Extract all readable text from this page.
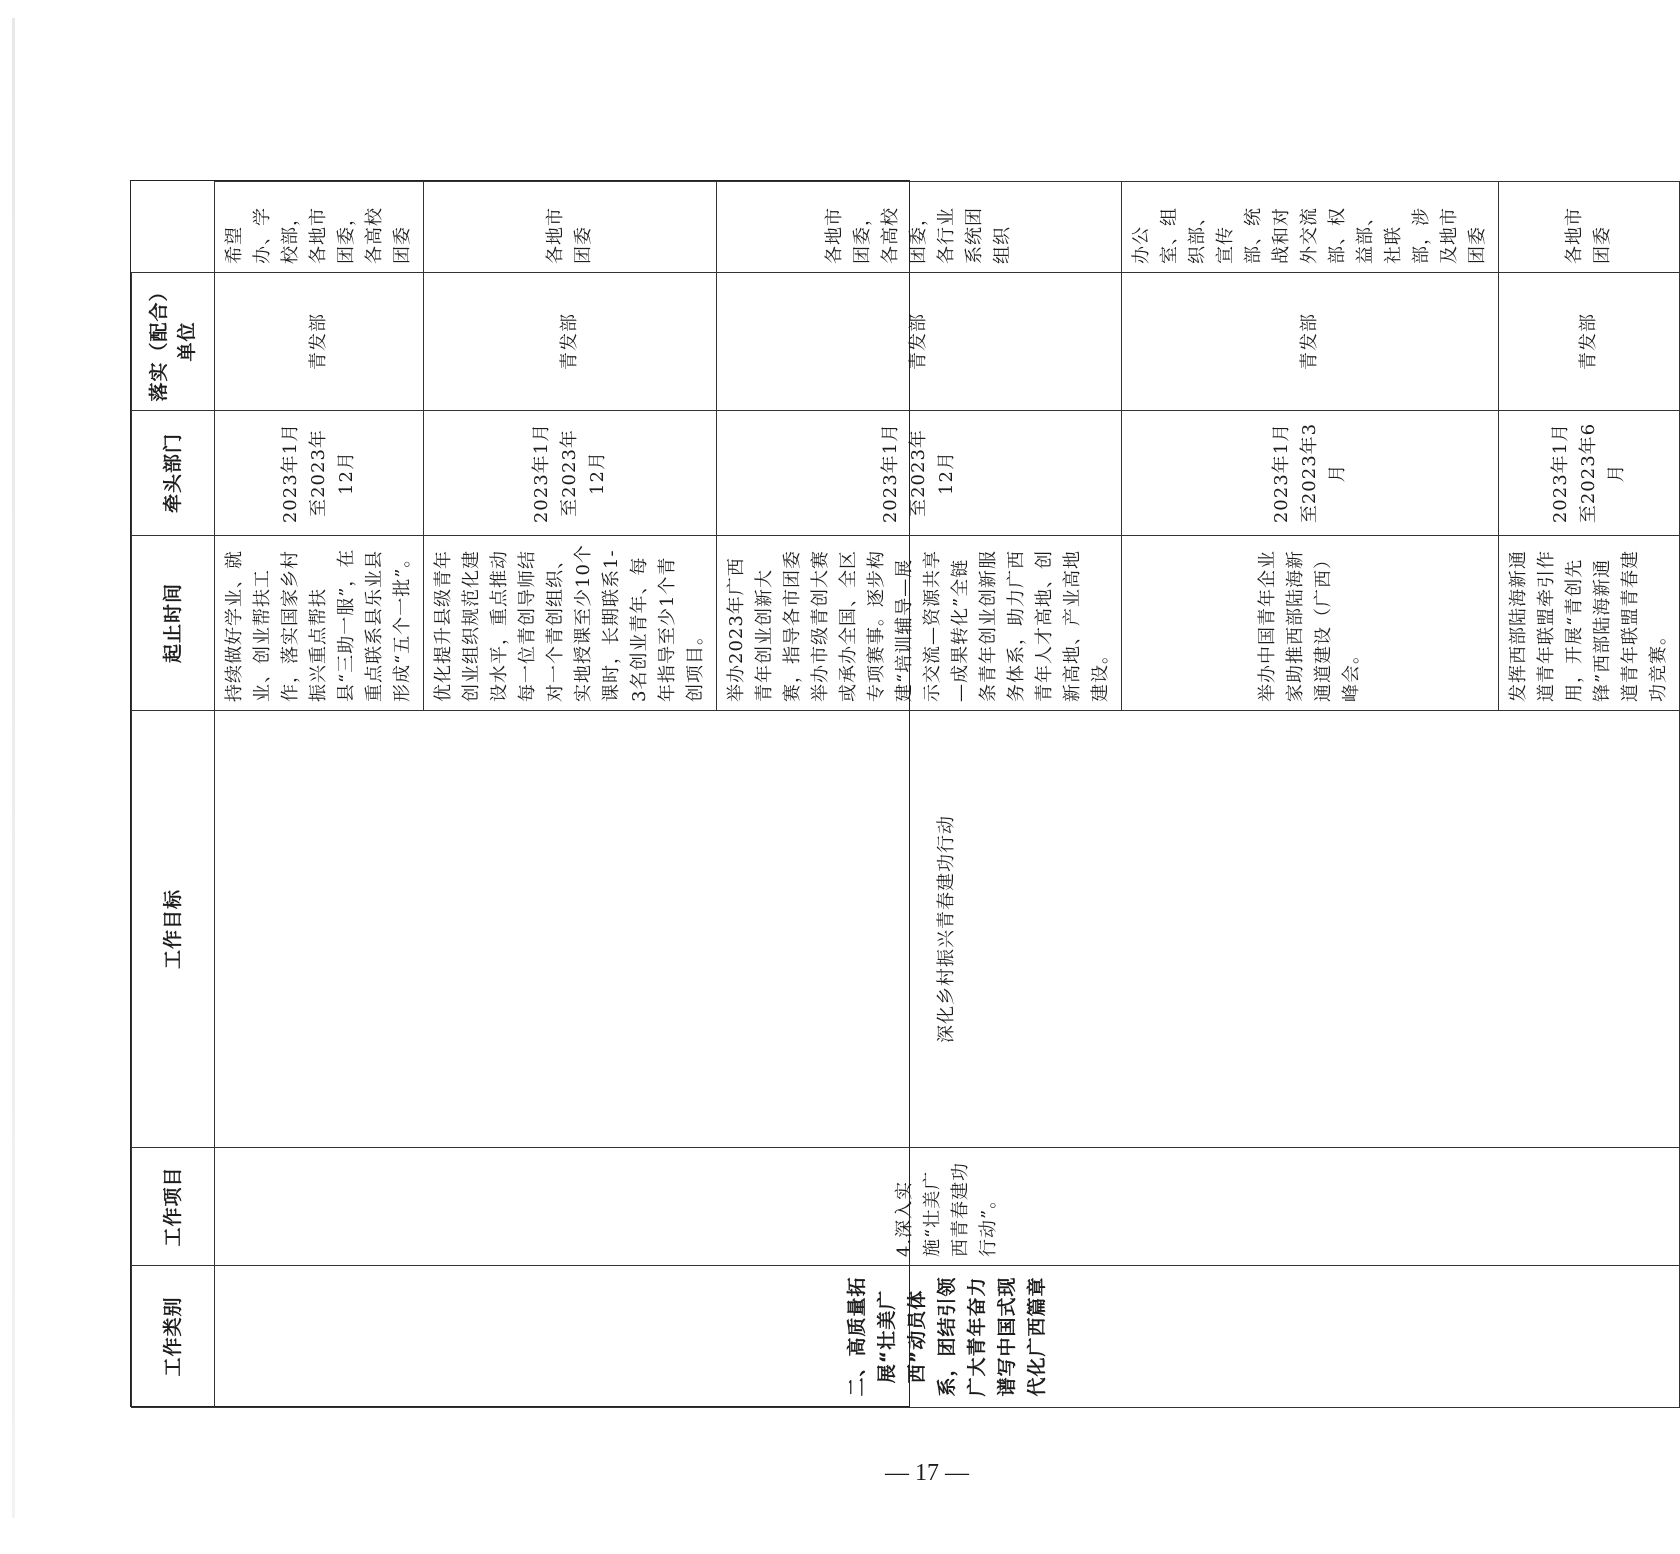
工作类别	工作项目	工作目标	起止时间	牵头部门	落实（配合）单位	
二、高质量拓展“壮美广西”动员体系，团结引领广大青年奋力谱写中国式现代化广西篇章	4.深入实施“壮美广西青春建功行动”。	深化乡村振兴青春建功行动	持续做好学业、就业、创业帮扶工作，落实国家乡村振兴重点帮扶县“三助一服”，在重点联系县乐业县形成“五个一批”。	2023年1月至2023年12月	青发部	希望办、学校部，各地市团委，各高校团委
			优化提升县级青年创业组织规范化建设水平，重点推动每一位青创导师结对一个青创组织、实地授课至少10个课时，长期联系1-3名创业青年、每年指导至少1个青创项目。	2023年1月至2023年12月	青发部	各地市团委
			举办2023年广西青年创业创新大赛，指导各市团委举办市级青创大赛或承办全国、全区专项赛事。逐步构建“培训辅导—展示交流—资源共享—成果转化”全链条青年创业创新服务体系，助力广西青年人才高地、创新高地、产业高地建设。	2023年1月至2023年12月	青发部	各地市团委，各高校团委，各行业系统团组织
			举办中国青年企业家助推西部陆海新通道建设（广西）峰会。	2023年1月至2023年3月	青发部	办公室、组织部、宣传部、统战和对外交流部、权益部、社联部，涉及地市团委
			发挥西部陆海新通道青年联盟牵引作用，开展“青创先锋”西部陆海新通道青年联盟青春建功竞赛。	2023年1月至2023年6月	青发部	各地市团委
— 17 —
